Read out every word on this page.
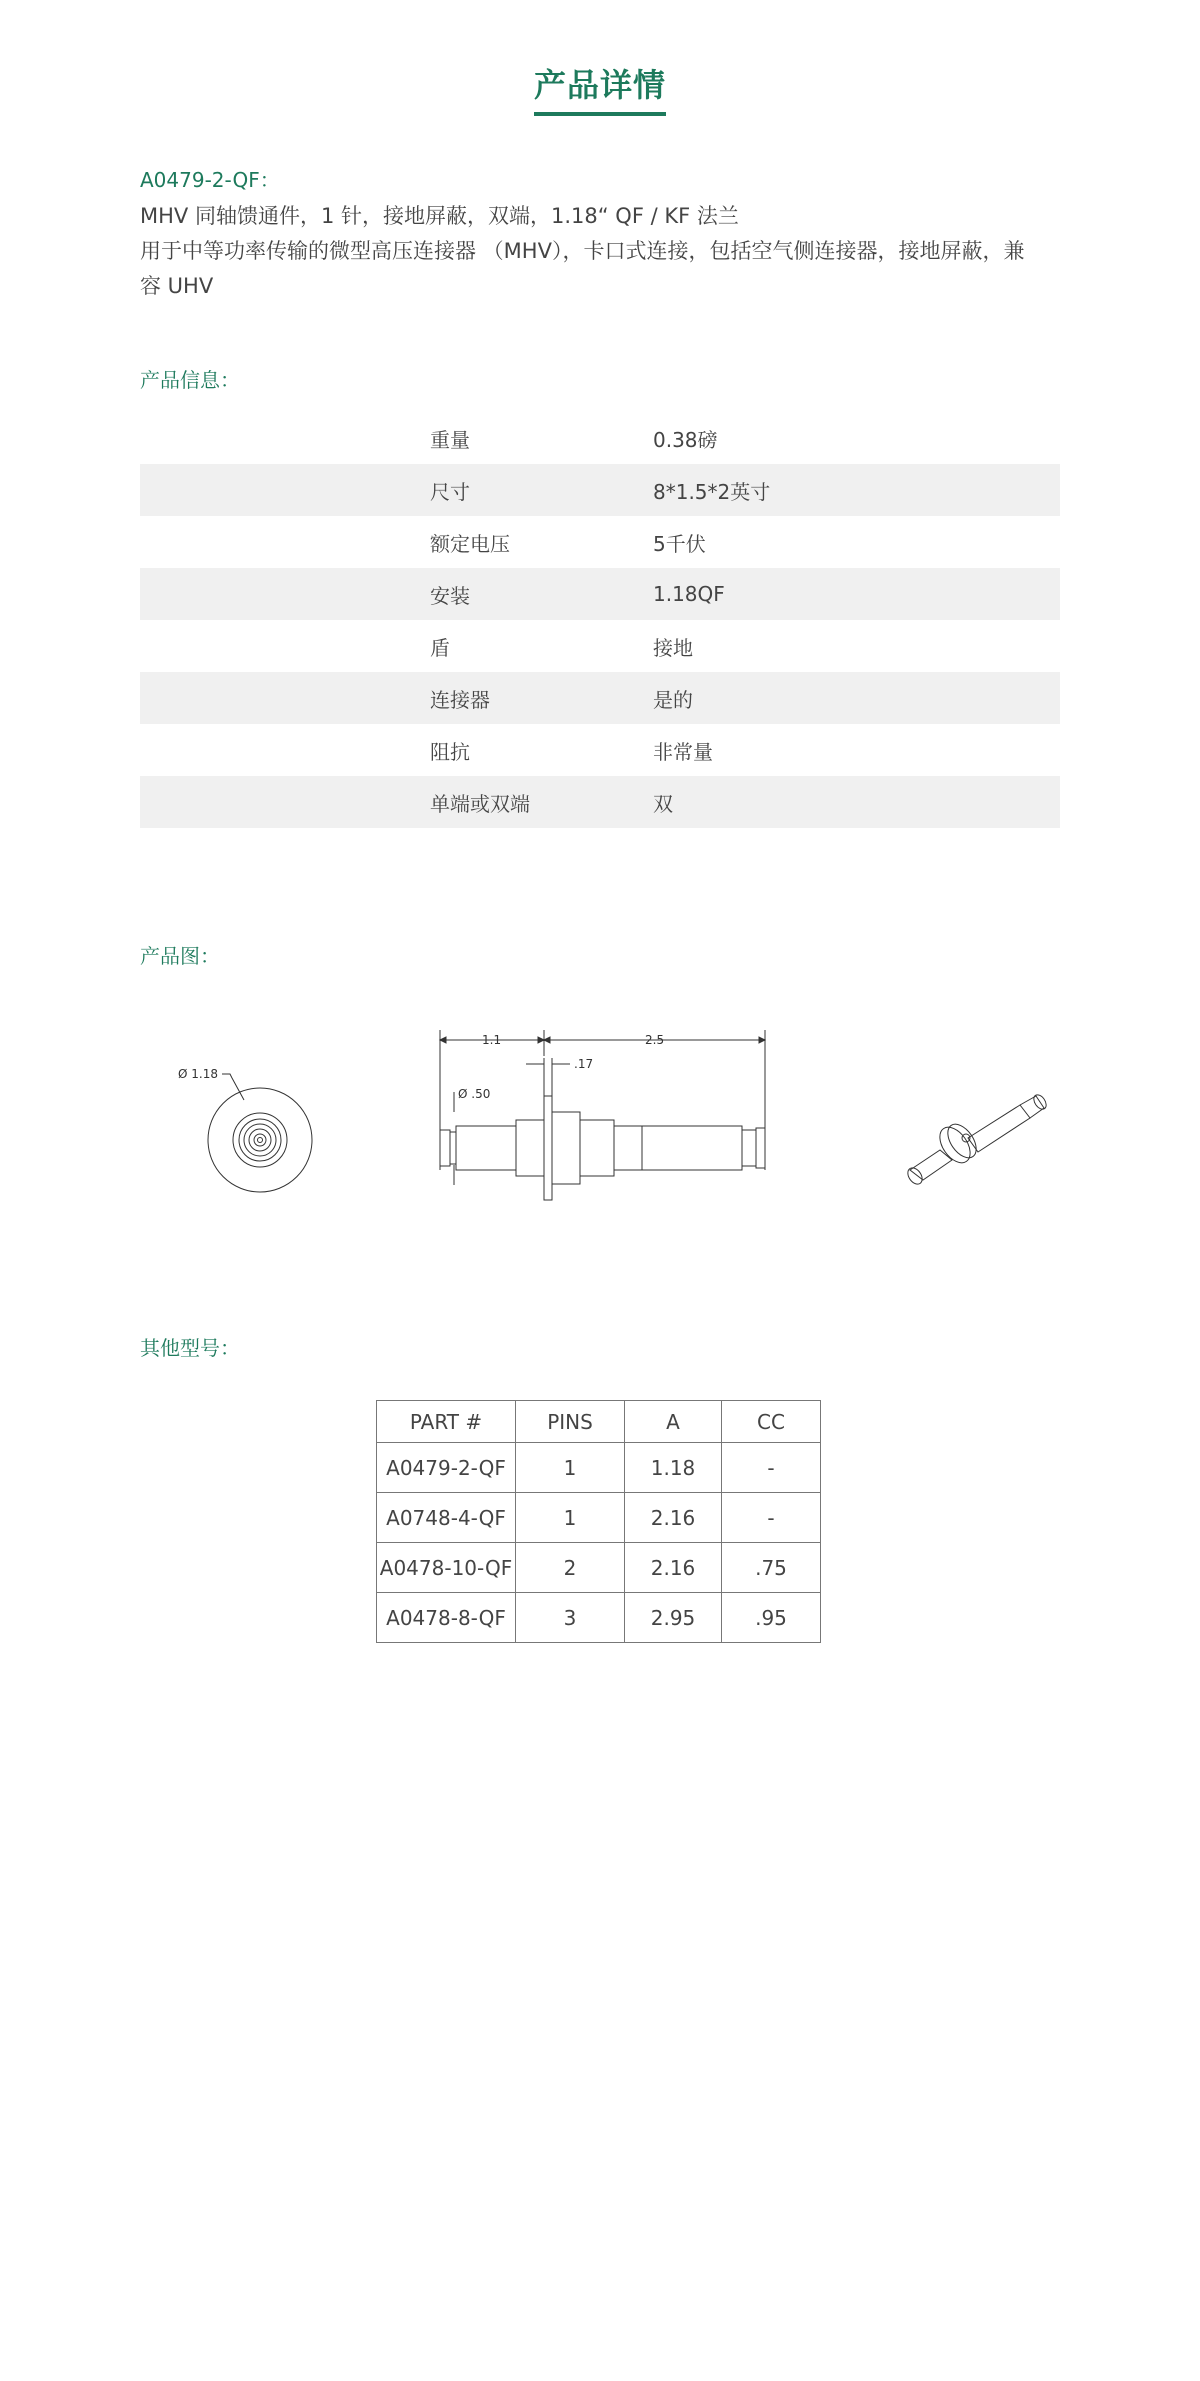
产品详情
A0479-2-QF：
MHV 同轴馈通件，1 针，接地屏蔽，双端，1.18“ QF / KF 法兰
用于中等功率传输的微型高压连接器 （MHV），卡口式连接，包括空气侧连接器，接地屏蔽，兼
容 UHV
产品信息：
重量	0.38磅
尺寸	8*1.5*2英寸
额定电压	5千伏
安装	1.18QF
盾	接地
连接器	是的
阻抗	非常量
单端或双端	双
产品图：
Ø 1.18
1.1	2.5
.17
Ø .50
其他型号：
PART #	PINS	A	CC
A0479-2-QF	1	1.18	-
A0748-4-QF	1	2.16	-
A0478-10-QF	2	2.16	.75
A0478-8-QF	3	2.95	.95
